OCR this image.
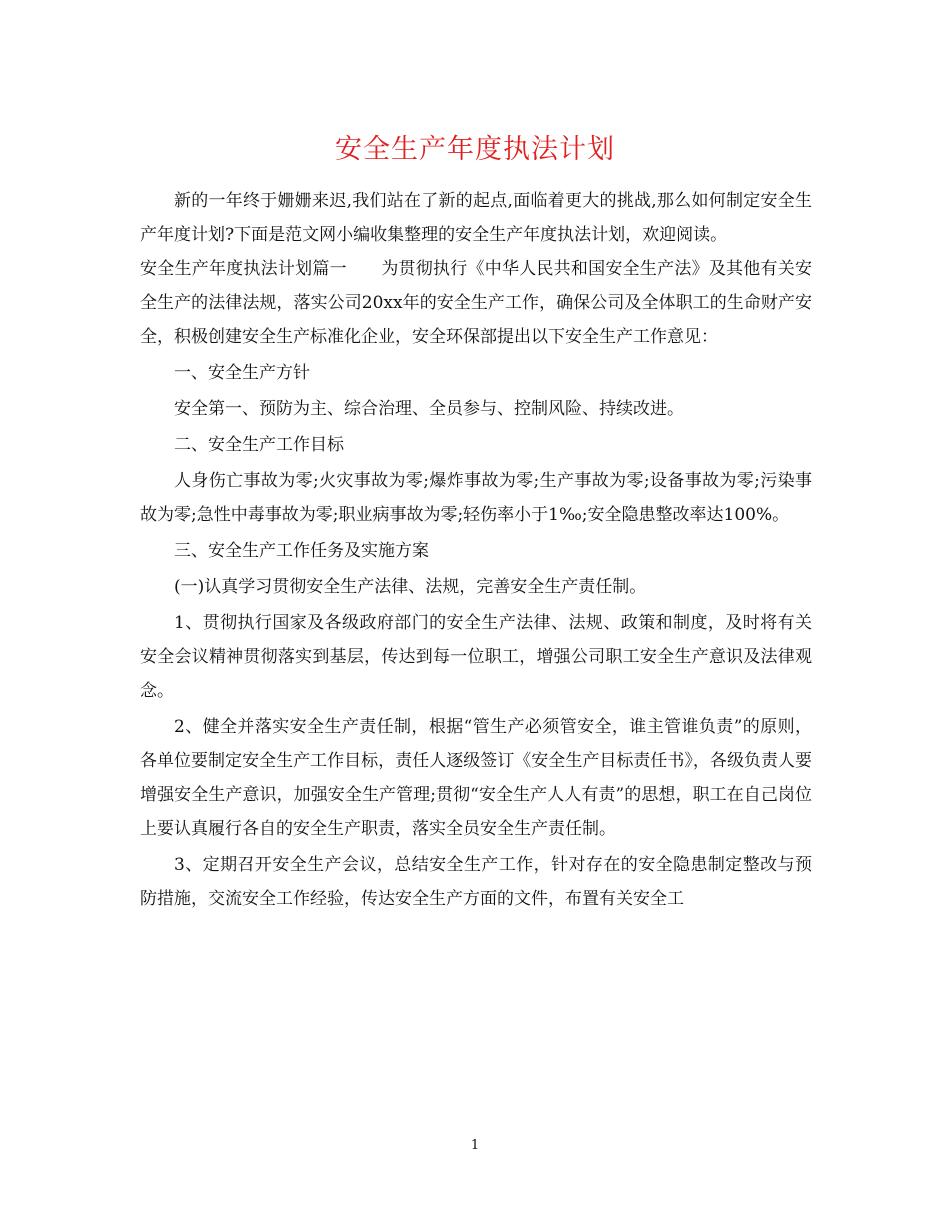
安全生产年度执法计划

新的一年终于姗姗来迟,我们站在了新的起点,面临着更大的挑战,那么如何制定安全生产年度计划?下面是范文网小编收集整理的安全生产年度执法计划，欢迎阅读。

安全生产年度执法计划篇一　　为贯彻执行《中华人民共和国安全生产法》及其他有关安全生产的法律法规，落实公司20xx年的安全生产工作，确保公司及全体职工的生命财产安全，积极创建安全生产标准化企业，安全环保部提出以下安全生产工作意见：

一、安全生产方针

安全第一、预防为主、综合治理、全员参与、控制风险、持续改进。

二、安全生产工作目标

人身伤亡事故为零;火灾事故为零;爆炸事故为零;生产事故为零;设备事故为零;污染事故为零;急性中毒事故为零;职业病事故为零;轻伤率小于1‰;安全隐患整改率达100%。

三、安全生产工作任务及实施方案

(一)认真学习贯彻安全生产法律、法规，完善安全生产责任制。

1、贯彻执行国家及各级政府部门的安全生产法律、法规、政策和制度，及时将有关安全会议精神贯彻落实到基层，传达到每一位职工，增强公司职工安全生产意识及法律观念。

2、健全并落实安全生产责任制，根据“管生产必须管安全，谁主管谁负责”的原则，各单位要制定安全生产工作目标，责任人逐级签订《安全生产目标责任书》，各级负责人要增强安全生产意识，加强安全生产管理;贯彻“安全生产人人有责”的思想，职工在自己岗位上要认真履行各自的安全生产职责，落实全员安全生产责任制。

3、定期召开安全生产会议，总结安全生产工作，针对存在的安全隐患制定整改与预防措施，交流安全工作经验，传达安全生产方面的文件，布置有关安全工

1
